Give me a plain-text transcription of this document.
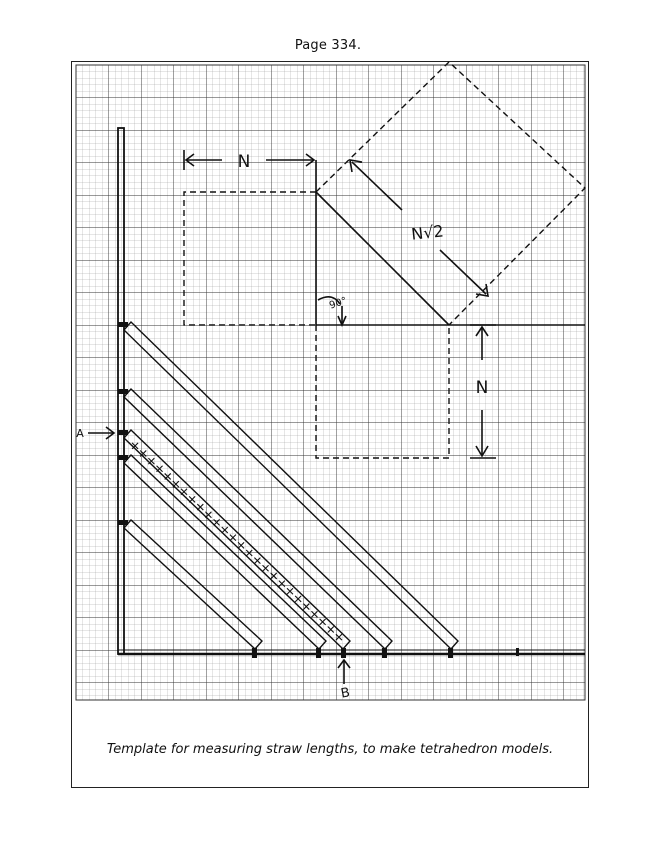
Page 334.
N
N
N√2
90°
A
B
Template for measuring straw lengths, to make tetrahedron models.
